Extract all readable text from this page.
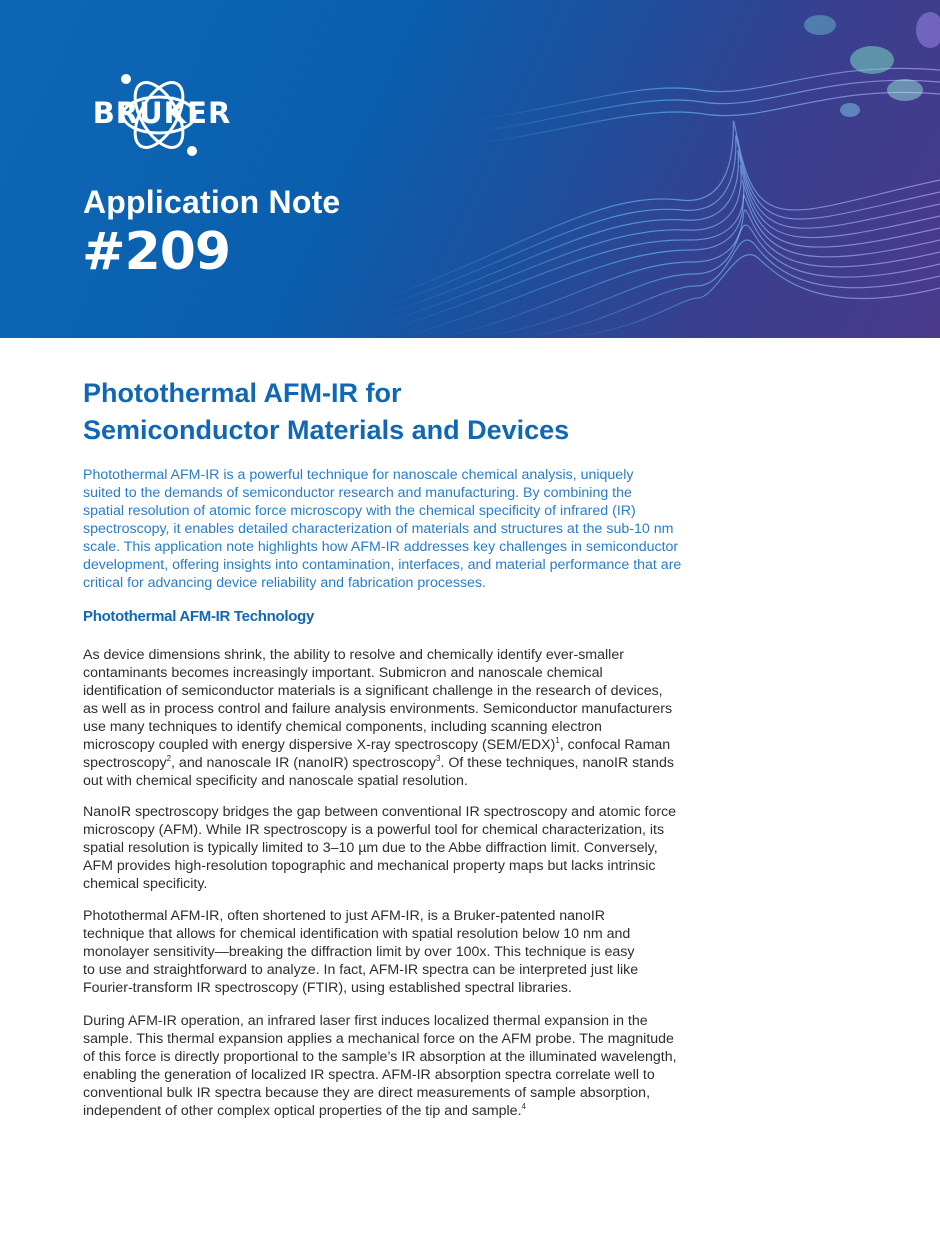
BRUKER
Application Note
#209
Photothermal AFM-IR for
Semiconductor Materials and Devices

Photothermal AFM-IR is a powerful technique for nanoscale chemical analysis, uniquely
suited to the demands of semiconductor research and manufacturing. By combining the
spatial resolution of atomic force microscopy with the chemical specificity of infrared (IR)
spectroscopy, it enables detailed characterization of materials and structures at the sub-10 nm
scale. This application note highlights how AFM-IR addresses key challenges in semiconductor
development, offering insights into contamination, interfaces, and material performance that are
critical for advancing device reliability and fabrication processes.

Photothermal AFM-IR Technology

As device dimensions shrink, the ability to resolve and chemically identify ever-smaller
contaminants becomes increasingly important. Submicron and nanoscale chemical
identification of semiconductor materials is a significant challenge in the research of devices,
as well as in process control and failure analysis environments. Semiconductor manufacturers
use many techniques to identify chemical components, including scanning electron
microscopy coupled with energy dispersive X-ray spectroscopy $(SEM/EDX)^1$, confocal Raman
spectroscopy$^2$, and nanoscale IR (nanoIR) spectroscopy$^3$. Of these techniques, nanoIR stands
out with chemical specificity and nanoscale spatial resolution.

NanoIR spectroscopy bridges the gap between conventional IR spectroscopy and atomic force
microscopy (AFM). While IR spectroscopy is a powerful tool for chemical characterization, its
spatial resolution is typically limited to 3–10 µm due to the Abbe diffraction limit. Conversely,
AFM provides high-resolution topographic and mechanical property maps but lacks intrinsic
chemical specificity.

Photothermal AFM-IR, often shortened to just AFM-IR, is a Bruker-patented nanoIR
technique that allows for chemical identification with spatial resolution below 10 nm and
monolayer sensitivity—breaking the diffraction limit by over 100x. This technique is easy
to use and straightforward to analyze. In fact, AFM-IR spectra can be interpreted just like
Fourier-transform IR spectroscopy (FTIR), using established spectral libraries.

During AFM-IR operation, an infrared laser first induces localized thermal expansion in the
sample. This thermal expansion applies a mechanical force on the AFM probe. The magnitude
of this force is directly proportional to the sample’s IR absorption at the illuminated wavelength,
enabling the generation of localized IR spectra. AFM-IR absorption spectra correlate well to
conventional bulk IR spectra because they are direct measurements of sample absorption,
independent of other complex optical properties of the tip and sample.$^4$
